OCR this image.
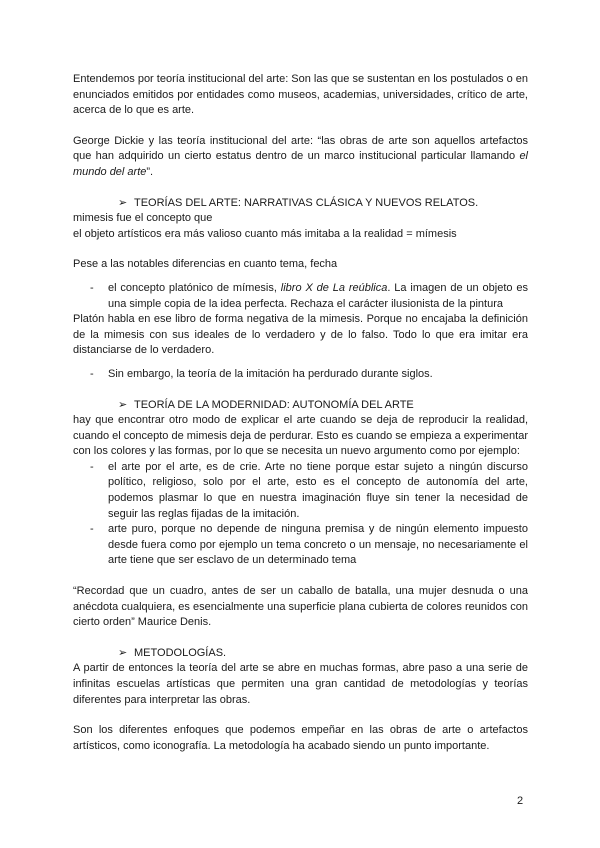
Entendemos por teoría institucional del arte: Son las que se sustentan en los postulados o en enunciados emitidos por entidades como museos, academias, universidades, crítico de arte, acerca de lo que es arte.

George Dickie y las teoría institucional del arte: “las obras de arte son aquellos artefactos que han adquirido un cierto estatus dentro de un marco institucional particular llamando el mundo del arte”.

➢ TEORÍAS DEL ARTE: NARRATIVAS CLÁSICA Y NUEVOS RELATOS.

mimesis fue el concepto que

el objeto artísticos era más valioso cuanto más imitaba a la realidad = mímesis

Pese a las notables diferencias en cuanto tema, fecha

- el concepto platónico de mímesis, libro X de La reública. La imagen de un objeto es una simple copia de la idea perfecta. Rechaza el carácter ilusionista de la pintura

Platón habla en ese libro de forma negativa de la mimesis. Porque no encajaba la definición de la mimesis con sus ideales de lo verdadero y de lo falso. Todo lo que era imitar era distanciarse de lo verdadero.

- Sin embargo, la teoría de la imitación ha perdurado durante siglos.

➢ TEORÍA DE LA MODERNIDAD: AUTONOMÍA DEL ARTE

hay que encontrar otro modo de explicar el arte cuando se deja de reproducir la realidad, cuando el concepto de mimesis deja de perdurar. Esto es cuando se empieza a experimentar con los colores y las formas, por lo que se necesita un nuevo argumento como por ejemplo:

- el arte por el arte, es de crie. Arte no tiene porque estar sujeto a ningún discurso político, religioso, solo por el arte, esto es el concepto de autonomía del arte, podemos plasmar lo que en nuestra imaginación fluye sin tener la necesidad de seguir las reglas fijadas de la imitación.
- arte puro, porque no depende de ninguna premisa y de ningún elemento impuesto desde fuera como por ejemplo un tema concreto o un mensaje, no necesariamente el arte tiene que ser esclavo de un determinado tema

“Recordad que un cuadro, antes de ser un caballo de batalla, una mujer desnuda o una anécdota cualquiera, es esencialmente una superficie plana cubierta de colores reunidos con cierto orden” Maurice Denis.

➢ METODOLOGÍAS.

A partir de entonces la teoría del arte se abre en muchas formas, abre paso a una serie de infinitas escuelas artísticas que permiten una gran cantidad de metodologías y teorías diferentes para interpretar las obras.

Son los diferentes enfoques que podemos empeñar en las obras de arte o artefactos artísticos, como iconografía. La metodología ha acabado siendo un punto importante.

2
